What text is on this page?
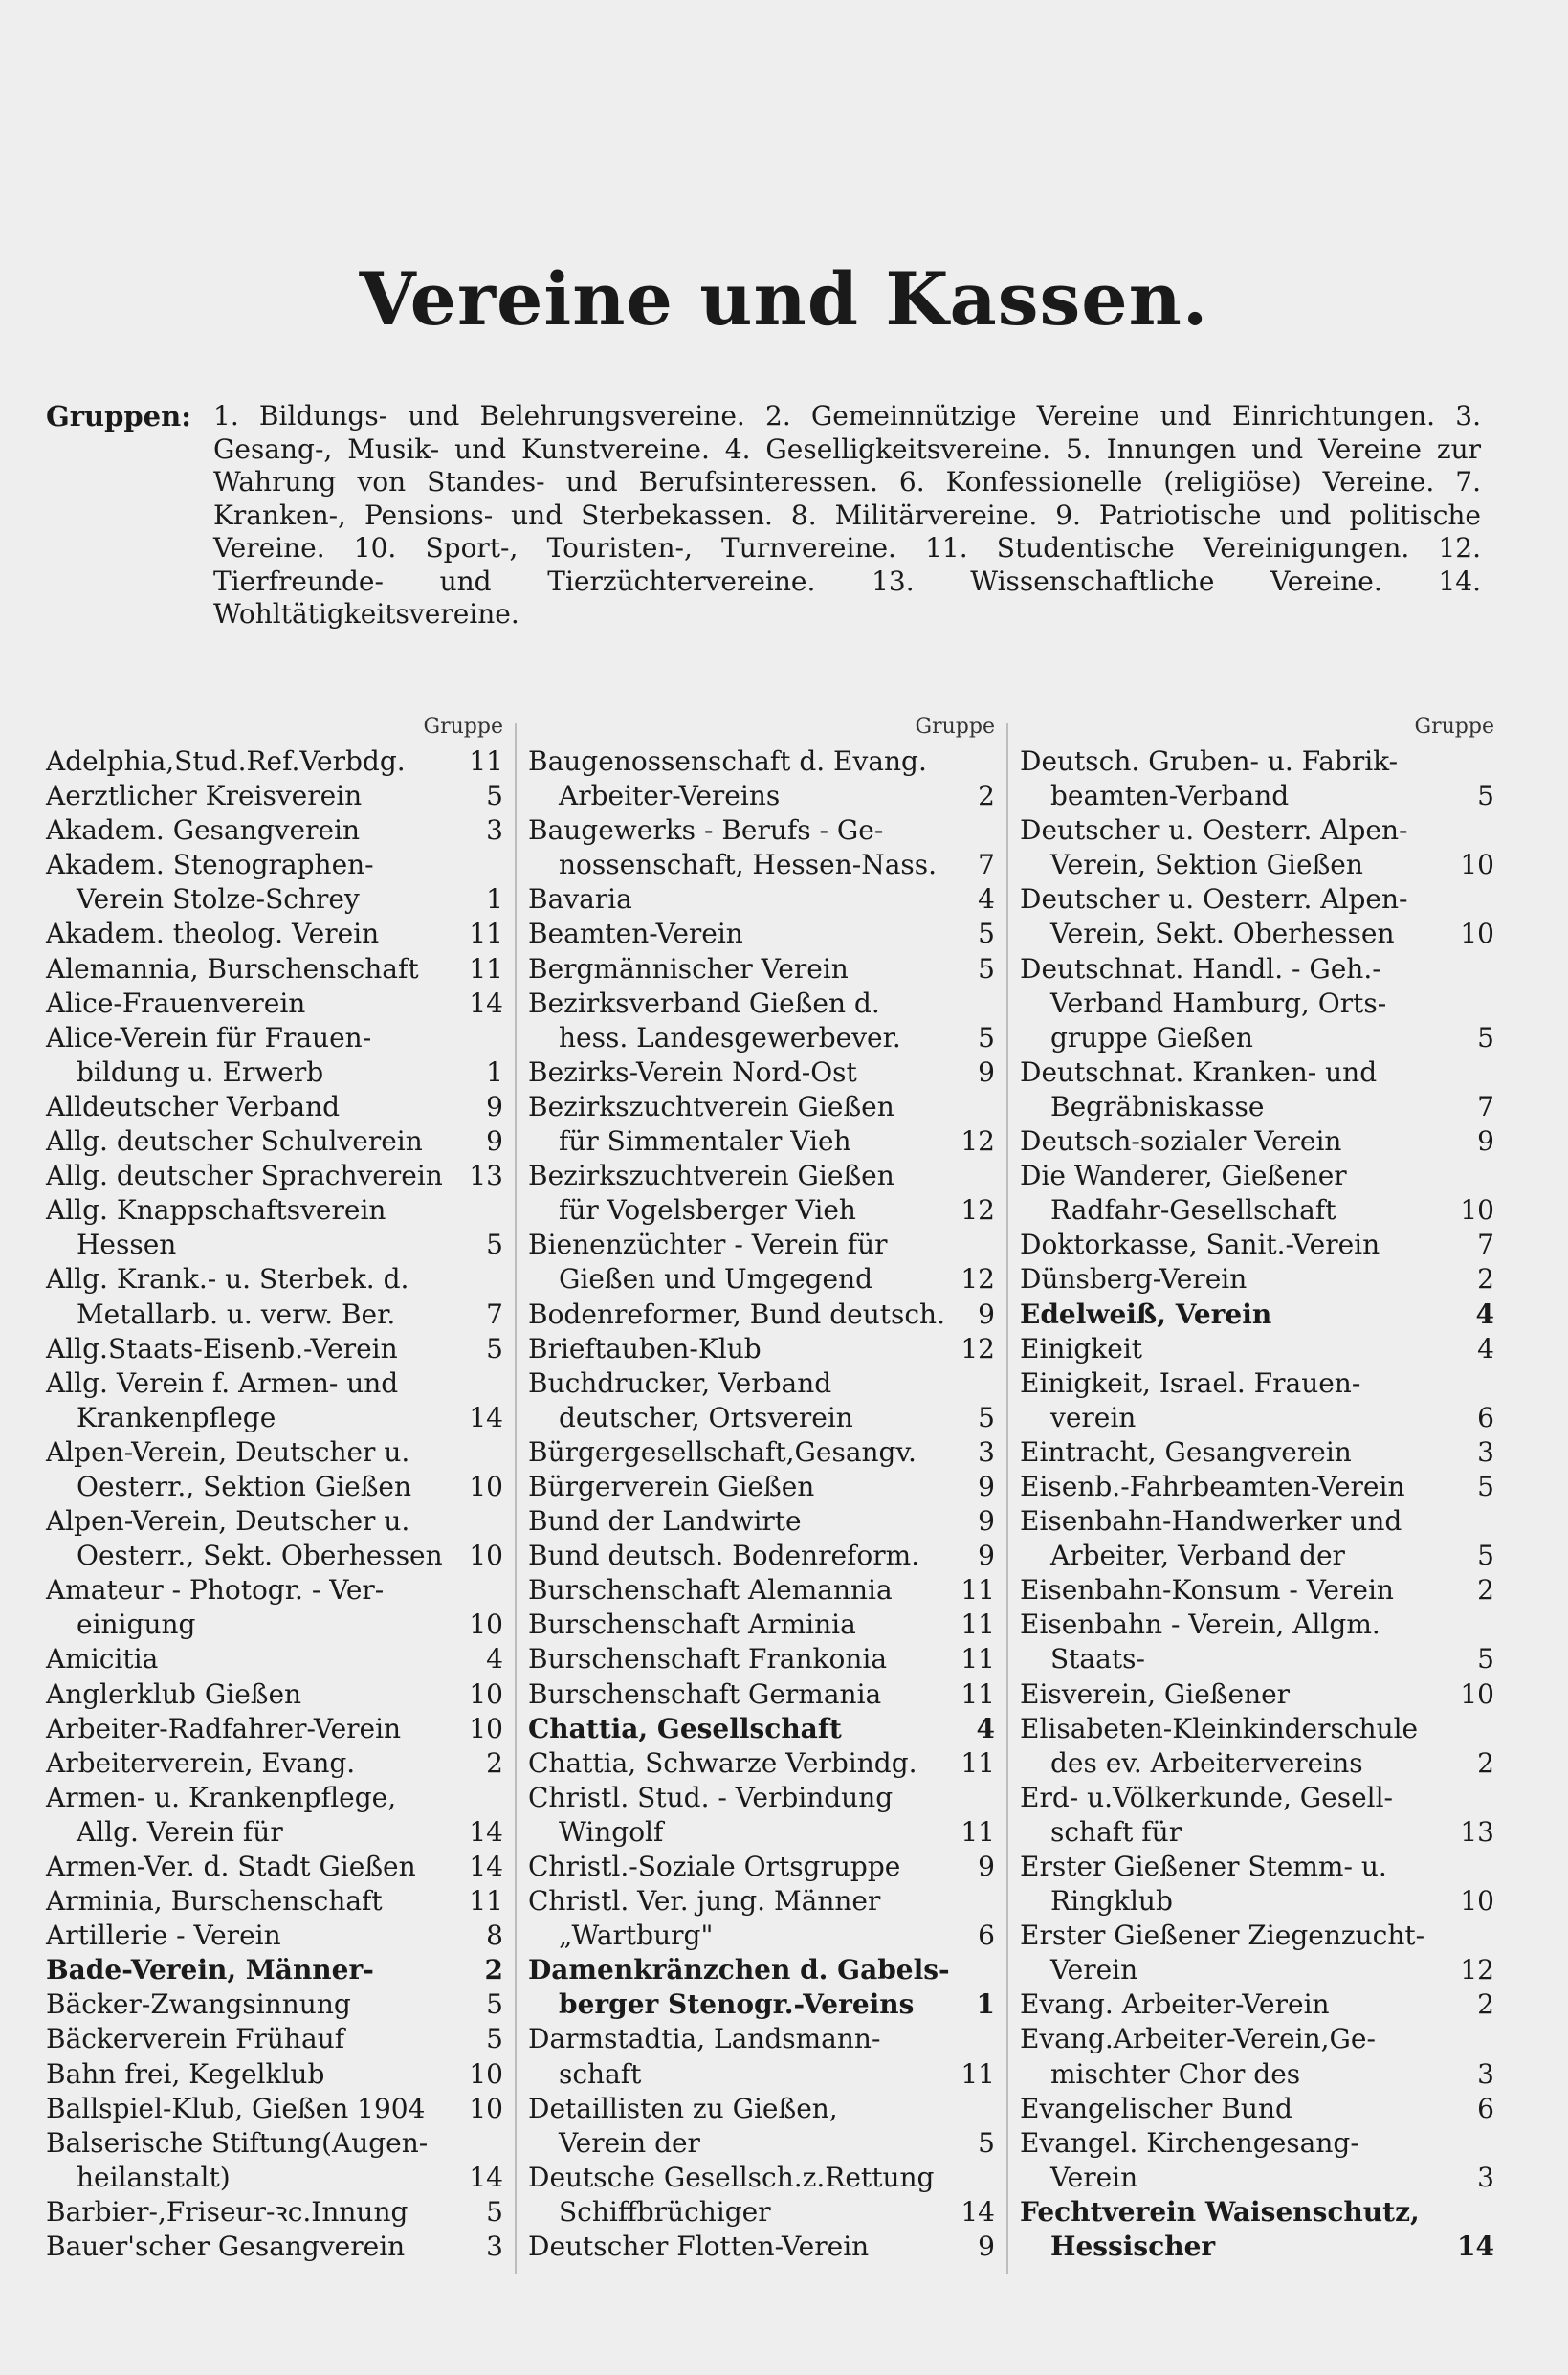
Vereine und Kassen.
Gruppen: 1. Bildungs- und Belehrungsvereine. 2. Gemeinnützige Vereine und Einrichtungen. 3. Gesang-, Musik- und Kunstvereine. 4. Geselligkeitsvereine. 5. Innungen und Vereine zur Wahrung von Standes- und Berufsinteressen. 6. Konfessionelle (religiöse) Vereine. 7. Kranken-, Pensions- und Sterbekassen. 8. Militärvereine. 9. Patriotische und politische Vereine. 10. Sport-, Touristen-, Turnvereine. 11. Studentische Vereinigungen. 12. Tierfreunde- und Tierzüchtervereine. 13. Wissenschaftliche Vereine. 14. Wohltätigkeitsvereine.
Gruppe
Adelphia,Stud.Ref.Verbdg.	11
Aerztlicher Kreisverein	5
Akadem. Gesangverein	3
Akadem. Stenographen-
Verein Stolze-Schrey	1
Akadem. theolog. Verein	11
Alemannia, Burschenschaft	11
Alice-Frauenverein	14
Alice-Verein für Frauen-
bildung u. Erwerb	1
Alldeutscher Verband	9
Allg. deutscher Schulverein	9
Allg. deutscher Sprachverein 13
Allg. Knappschaftsverein
Hessen	5
Allg. Krank.- u. Sterbek. d.
Metallarb. u. verw. Ber.	7
Allg.Staats-Eisenb.-Verein	5
Allg. Verein f. Armen- und
Krankenpflege	14
Alpen-Verein, Deutscher u.
Oesterr., Sektion Gießen	10
Alpen-Verein, Deutscher u.
Oesterr., Sekt. Oberhessen 10
Amateur - Photogr. - Ver-
einigung	10
Amicitia	4
Anglerklub Gießen	10
Arbeiter-Radfahrer-Verein	10
Arbeiterverein, Evang.	2
Armen- u. Krankenpflege,
Allg. Verein für	14
Armen-Ver. d. Stadt Gießen	14
Arminia, Burschenschaft	11
Artillerie - Verein	8
Bade-Verein, Männer-	2
Bäcker-Zwangsinnung	5
Bäckerverein Frühauf	5
Bahn frei, Kegelklub	10
Ballspiel-Klub, Gießen 1904	10
Balserische Stiftung(Augen-
heilanstalt)	14
Barbier-,Friseur-ꝛc.Innung	5
Bauer'scher Gesangverein	3
Gruppe
Baugenossenschaft d. Evang.
Arbeiter-Vereins	2
Baugewerks - Berufs - Ge-
nossenschaft, Hessen-Nass.	7
Bavaria	4
Beamten-Verein	5
Bergmännischer Verein	5
Bezirksverband Gießen d.
hess. Landesgewerbever.	5
Bezirks-Verein Nord-Ost	9
Bezirkszuchtverein Gießen
für Simmentaler Vieh	12
Bezirkszuchtverein Gießen
für Vogelsberger Vieh	12
Bienenzüchter - Verein für
Gießen und Umgegend	12
Bodenreformer, Bund deutsch.	9
Brieftauben-Klub	12
Buchdrucker, Verband
deutscher, Ortsverein	5
Bürgergesellschaft,Gesangv.	3
Bürgerverein Gießen	9
Bund der Landwirte	9
Bund deutsch. Bodenreform.	9
Burschenschaft Alemannia	11
Burschenschaft Arminia	11
Burschenschaft Frankonia	11
Burschenschaft Germania	11
Chattia, Gesellschaft	4
Chattia, Schwarze Verbindg.	11
Christl. Stud. - Verbindung
Wingolf	11
Christl.-Soziale Ortsgruppe	9
Christl. Ver. jung. Männer
„Wartburg"	6
Damenkränzchen d. Gabels-
berger Stenogr.-Vereins	1
Darmstadtia, Landsmann-
schaft	11
Detaillisten zu Gießen,
Verein der	5
Deutsche Gesellsch.z.Rettung
Schiffbrüchiger	14
Deutscher Flotten-Verein	9
Gruppe
Deutsch. Gruben- u. Fabrik-
beamten-Verband	5
Deutscher u. Oesterr. Alpen-
Verein, Sektion Gießen	10
Deutscher u. Oesterr. Alpen-
Verein, Sekt. Oberhessen	10
Deutschnat. Handl. - Geh.-
Verband Hamburg, Orts-
gruppe Gießen	5
Deutschnat. Kranken- und
Begräbniskasse	7
Deutsch-sozialer Verein	9
Die Wanderer, Gießener
Radfahr-Gesellschaft	10
Doktorkasse, Sanit.-Verein	7
Dünsberg-Verein	2
Edelweiß, Verein	4
Einigkeit	4
Einigkeit, Israel. Frauen-
verein	6
Eintracht, Gesangverein	3
Eisenb.-Fahrbeamten-Verein	5
Eisenbahn-Handwerker und
Arbeiter, Verband der	5
Eisenbahn-Konsum - Verein	2
Eisenbahn - Verein, Allgm.
Staats-	5
Eisverein, Gießener	10
Elisabeten-Kleinkinderschule
des ev. Arbeitervereins	2
Erd- u.Völkerkunde, Gesell-
schaft für	13
Erster Gießener Stemm- u.
Ringklub	10
Erster Gießener Ziegenzucht-
Verein	12
Evang. Arbeiter-Verein	2
Evang.Arbeiter-Verein,Ge-
mischter Chor des	3
Evangelischer Bund	6
Evangel. Kirchengesang-
Verein	3
Fechtverein Waisenschutz,
Hessischer	14
